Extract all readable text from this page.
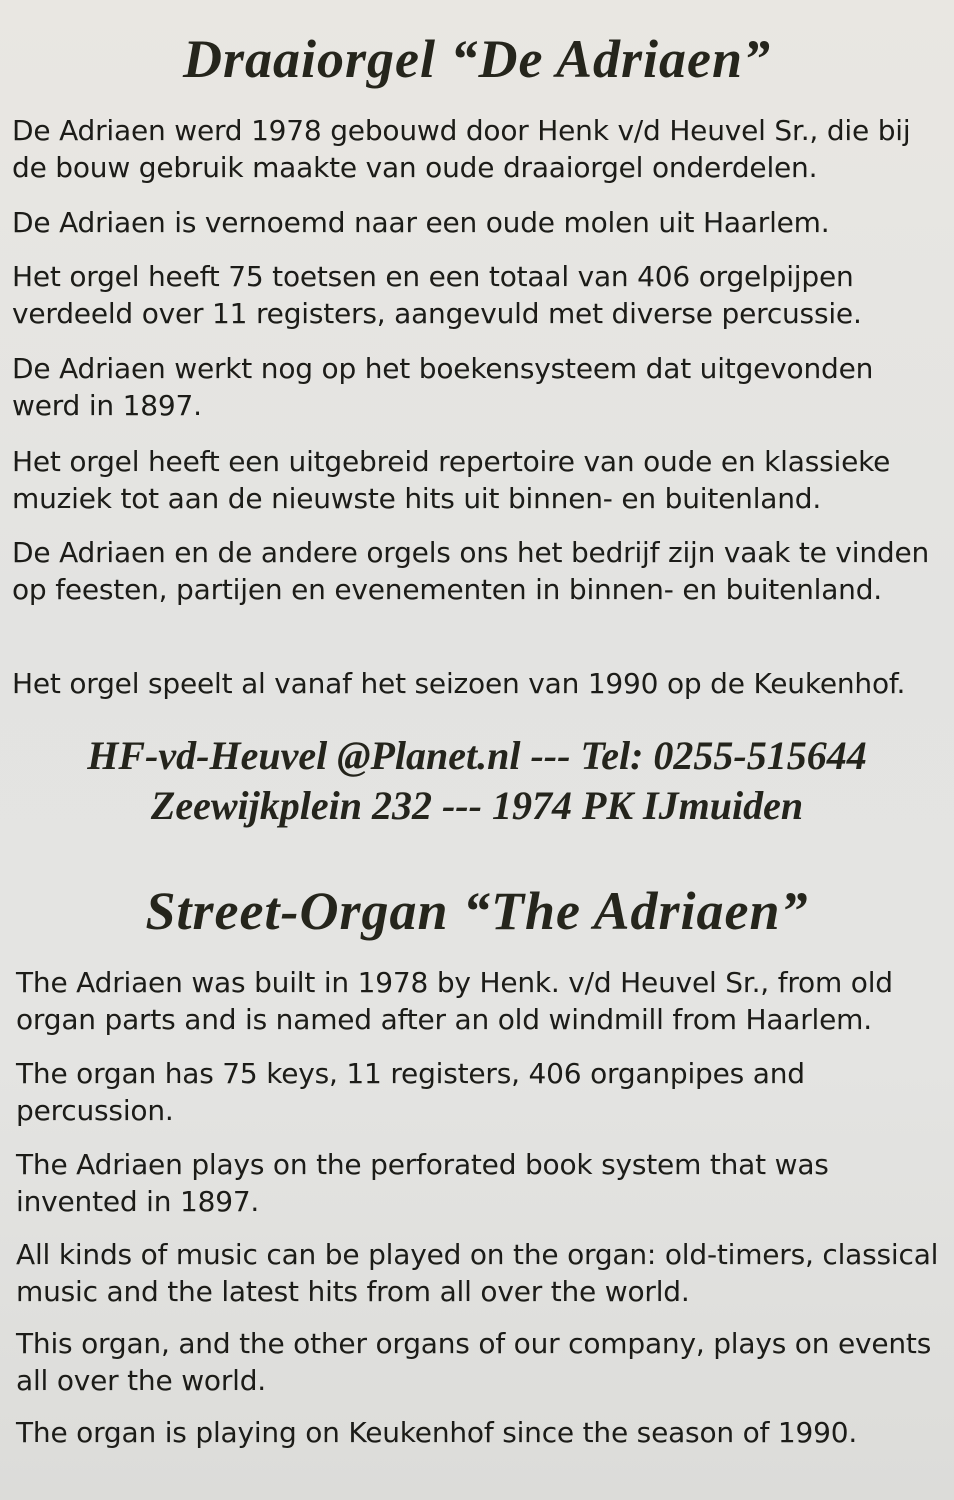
Draaiorgel “De Adriaen”

De Adriaen werd 1978 gebouwd door Henk v/d Heuvel Sr., die bij de bouw gebruik maakte van oude draaiorgel onderdelen.

De Adriaen is vernoemd naar een oude molen uit Haarlem.

Het orgel heeft 75 toetsen en een totaal van 406 orgelpijpen verdeeld over 11 registers, aangevuld met diverse percussie.

De Adriaen werkt nog op het boekensysteem dat uitgevonden werd in 1897.

Het orgel heeft een uitgebreid repertoire van oude en klassieke muziek tot aan de nieuwste hits uit binnen- en buitenland.

De Adriaen en de andere orgels ons het bedrijf zijn vaak te vinden op feesten, partijen en evenementen in binnen- en buitenland.

Het orgel speelt al vanaf het seizoen van 1990 op de Keukenhof.

HF-vd-Heuvel @Planet.nl --- Tel: 0255-515644

Zeewijkplein 232 --- 1974 PK IJmuiden

Street-Organ “The Adriaen”

The Adriaen was built in 1978 by Henk. v/d Heuvel Sr., from old organ parts and is named after an old windmill from Haarlem.

The organ has 75 keys, 11 registers, 406 organpipes and percussion.

The Adriaen plays on the perforated book system that was invented in 1897.

All kinds of music can be played on the organ: old-timers, classical music and the latest hits from all over the world.

This organ, and the other organs of our company, plays on events all over the world.

The organ is playing on Keukenhof since the season of 1990.
